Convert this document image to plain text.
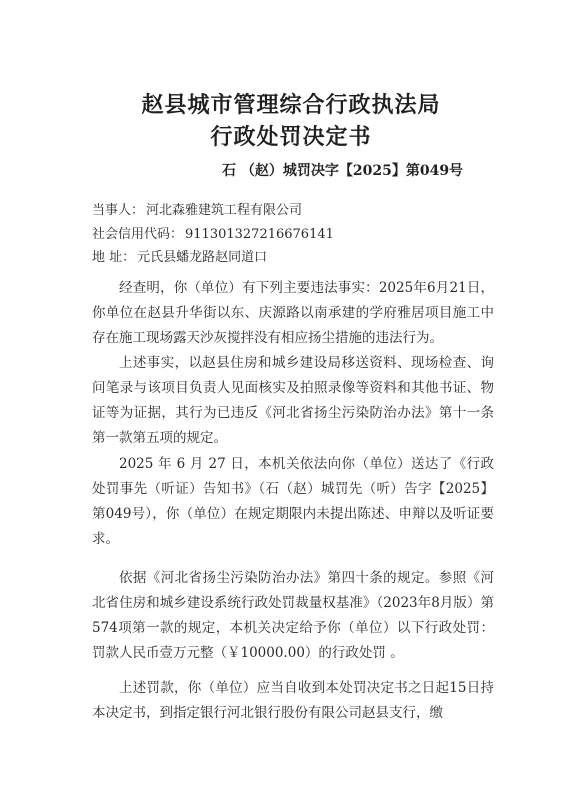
赵县城市管理综合行政执法局
行政处罚决定书
石 （赵）城罚决字【2025】第049号
当事人： 河北森雅建筑工程有限公司
社会信用代码： 91130132721667614​1
地 址： 元氏县蟠龙路赵同道口
经查明，你（单位）有下列主要违法事实：2025年6月21日，你单位在赵县升华街以东、庆源路以南承建的学府雅居项目施工中存在施工现场露天沙灰搅拌没有相应扬尘措施的违法行为。
上述事实，以赵县住房和城乡建设局移送资料、现场检查、询问笔录与该项目负责人见面核实及拍照录像等资料和其他书证、物证等为证据，其行为已违反《河北省扬尘污染防治办法》第十一条第一款第五项的规定。
2025 年 6 月 27 日，本机关依法向你（单位）送达了《行政处罚事先（听证）告知书》（石（赵）城罚先（听）告字【2025】第049号），你（单位）在规定期限内未提出陈述、申辩以及听证要求。
依据《河北省扬尘污染防治办法》第四十条的规定。参照《河北省住房和城乡建设系统行政处罚裁量权基准》（2023年8月版）第574项第一款的规定，本机关决定给予你（单位）以下行政处罚：罚款人民币壹万元整（￥10000.00）的行政处罚 。
上述罚款，你（单位）应当自收到本处罚决定书之日起15日持本决定书，到指定银行河北银行股份有限公司赵县支行，缴
